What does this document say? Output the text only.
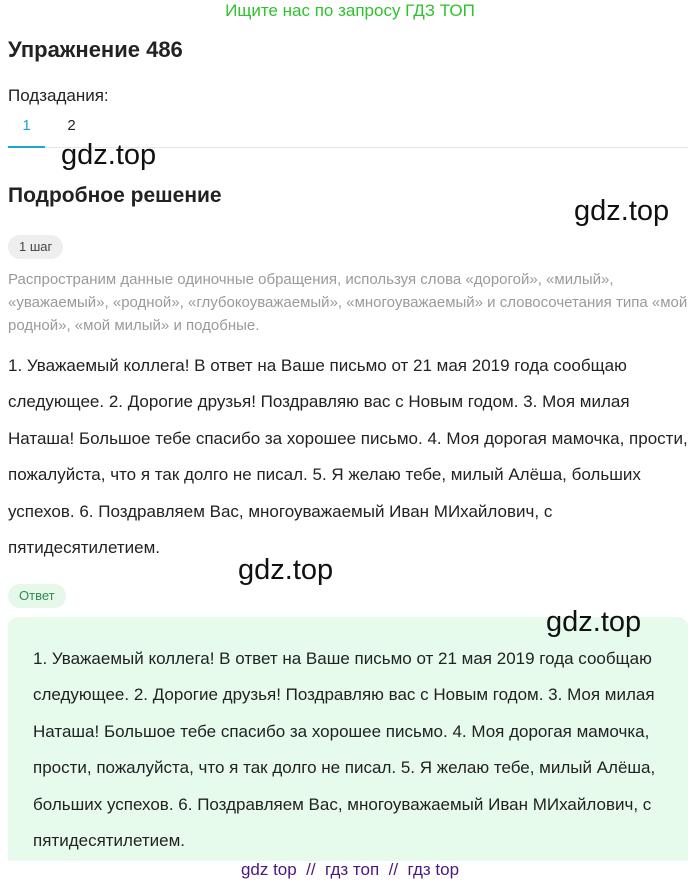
Ищите нас по запросу ГДЗ ТОП
Упражнение 486
Подзадания:
1	2
gdz.top
Подробное решение	gdz.top
1 шаг

Распространим данные одиночные обращения, используя слова «дорогой», «милый», «уважаемый», «родной», «глубокоуважаемый», «многоуважаемый» и словосочетания типа «мой родной», «мой милый» и подобные.

1. Уважаемый коллега! В ответ на Ваше письмо от 21 мая 2019 года сообщаю следующее. 2. Дорогие друзья! Поздравляю вас с Новым годом. 3. Моя милая Наташа! Большое тебе спасибо за хорошее письмо. 4. Моя дорогая мамочка, прости, пожалуйста, что я так долго не писал. 5. Я желаю тебе, милый Алёша, больших успехов. 6. Поздравляем Вас, многоуважаемый Иван МИхайлович, с пятидесятилетием.

gdz.top
Ответ

1. Уважаемый коллега! В ответ на Ваше письмо от 21 мая 2019 года сообщаю следующее. 2. Дорогие друзья! Поздравляю вас с Новым годом. 3. Моя милая Наташа! Большое тебе спасибо за хорошее письмо. 4. Моя дорогая мамочка, прости, пожалуйста, что я так долго не писал. 5. Я желаю тебе, милый Алёша, больших успехов. 6. Поздравляем Вас, многоуважаемый Иван МИхайлович, с пятидесятилетием.

gdz.top
gdz top  //  гдз топ  //  гдз top
